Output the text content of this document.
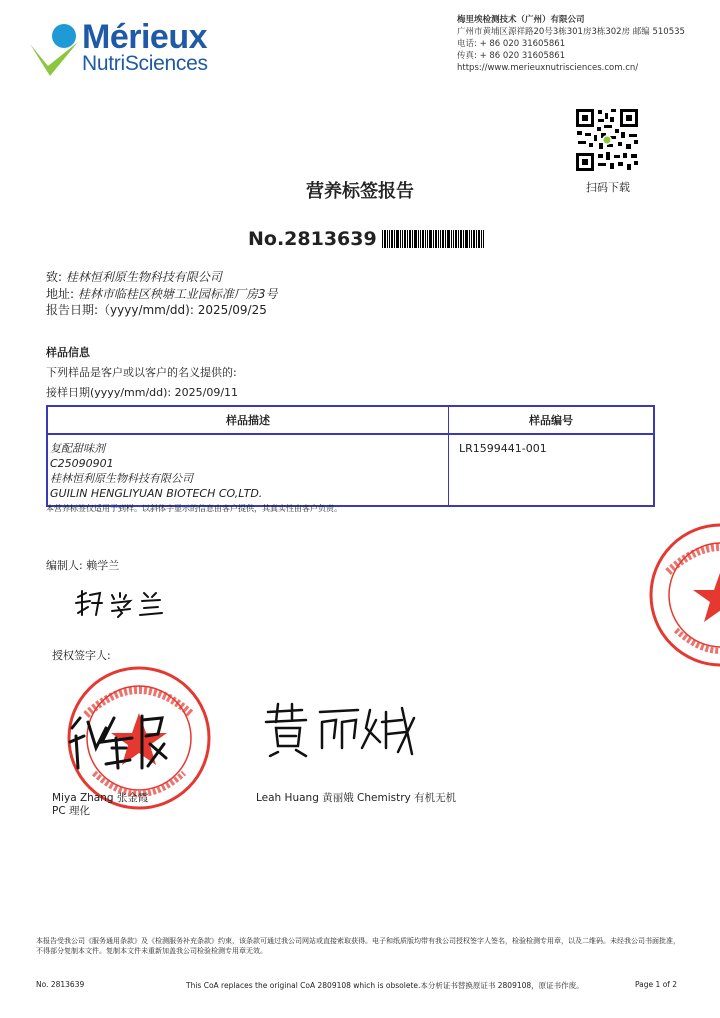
Mérieux
NutriSciences
梅里埃检测技术（广州）有限公司
广州市黄埔区源祥路20号3栋301房3栋302房 邮编 510535
电话: + 86 020 31605861
传真: + 86 020 31605861
https://www.merieuxnutrisciences.com.cn/
扫码下载
营养标签报告
No.2813639
致: 桂林恒利原生物科技有限公司
地址: 桂林市临桂区秧塘工业园标准厂房3号
报告日期:（yyyy/mm/dd): 2025/09/25
样品信息
下列样品是客户或以客户的名义提供的:
接样日期(yyyy/mm/dd): 2025/09/11
样品描述	样品编号

复配甜味剂
C25090901
桂林恒利原生物科技有限公司
GUILIN HENGLIYUAN BIOTECH CO,LTD.	LR1599441-001
本营养标签仅适用于到样。以斜体字显示的信息由客户提供，其真实性由客户负责。
编制人: 赖学兰
授权签字人:
Miya Zhang 张金霞
PC 理化
Leah Huang 黄丽娥 Chemistry 有机无机
本报告受我公司《服务通用条款》及《检测服务补充条款》约束，该条款可通过我公司网站或直接索取获得。电子和纸质版均带有我公司授权签字人签名，检验检测专用章，以及二维码。未经我公司书面批准，不得部分复制本文件。复制本文件未重新加盖我公司检验检测专用章无效。
No. 2813639	This CoA replaces the original CoA 2809108 which is obsolete.本分析证书替换原证书 2809108，原证书作废。	Page 1 of 2
